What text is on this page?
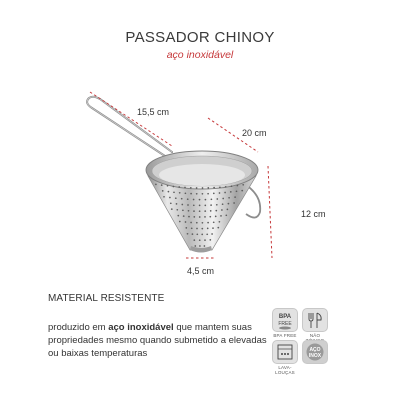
PASSADOR CHINOY
aço inoxidável
15,5 cm
20 cm
12 cm
4,5 cm
MATERIAL RESISTENTE
produzido em aço inoxidável que mantem suas propriedades mesmo quando submetido a elevadas ou baixas temperaturas
BPA
FREE
BPA FREE	NÃO
LAVA-LOUÇAS
AÇO
INOX
